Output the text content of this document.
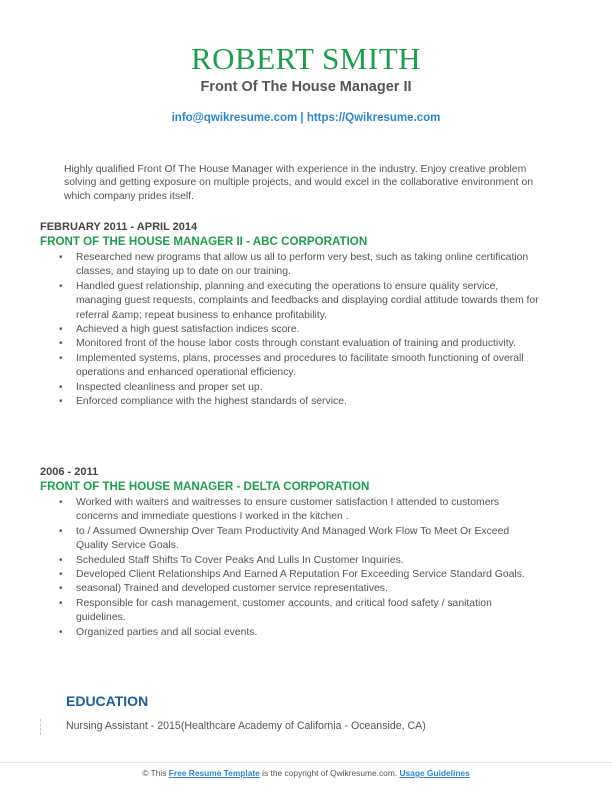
ROBERT SMITH
Front Of The House Manager II
info@qwikresume.com | https://Qwikresume.com
Highly qualified Front Of The House Manager with experience in the industry. Enjoy creative problem solving and getting exposure on multiple projects, and would excel in the collaborative environment on which company prides itself.
FEBRUARY 2011 - APRIL 2014
FRONT OF THE HOUSE MANAGER II - ABC CORPORATION
• Researched new programs that allow us all to perform very best, such as taking online certification classes, and staying up to date on our training.
• Handled guest relationship, planning and executing the operations to ensure quality service, managing guest requests, complaints and feedbacks and displaying cordial attitude towards them for referral &amp; repeat business to enhance profitability.
• Achieved a high guest satisfaction indices score.
• Monitored front of the house labor costs through constant evaluation of training and productivity.
• Implemented systems, plans, processes and procedures to facilitate smooth functioning of overall operations and enhanced operational efficiency.
• Inspected cleanliness and proper set up.
• Enforced compliance with the highest standards of service.
2006 - 2011
FRONT OF THE HOUSE MANAGER - DELTA CORPORATION
• Worked with waiters and waitresses to ensure customer satisfaction I attended to customers concerns and immediate questions I worked in the kitchen .
• to / Assumed Ownership Over Team Productivity And Managed Work Flow To Meet Or Exceed Quality Service Goals.
• Scheduled Staff Shifts To Cover Peaks And Lulls In Customer Inquiries.
• Developed Client Relationships And Earned A Reputation For Exceeding Service Standard Goals.
• seasonal) Trained and developed customer service representatives.
• Responsible for cash management, customer accounts, and critical food safety / sanitation guidelines.
• Organized parties and all social events.
EDUCATION
Nursing Assistant - 2015(Healthcare Academy of California - Oceanside, CA)
© This Free Resume Template is the copyright of Qwikresume.com. Usage Guidelines
